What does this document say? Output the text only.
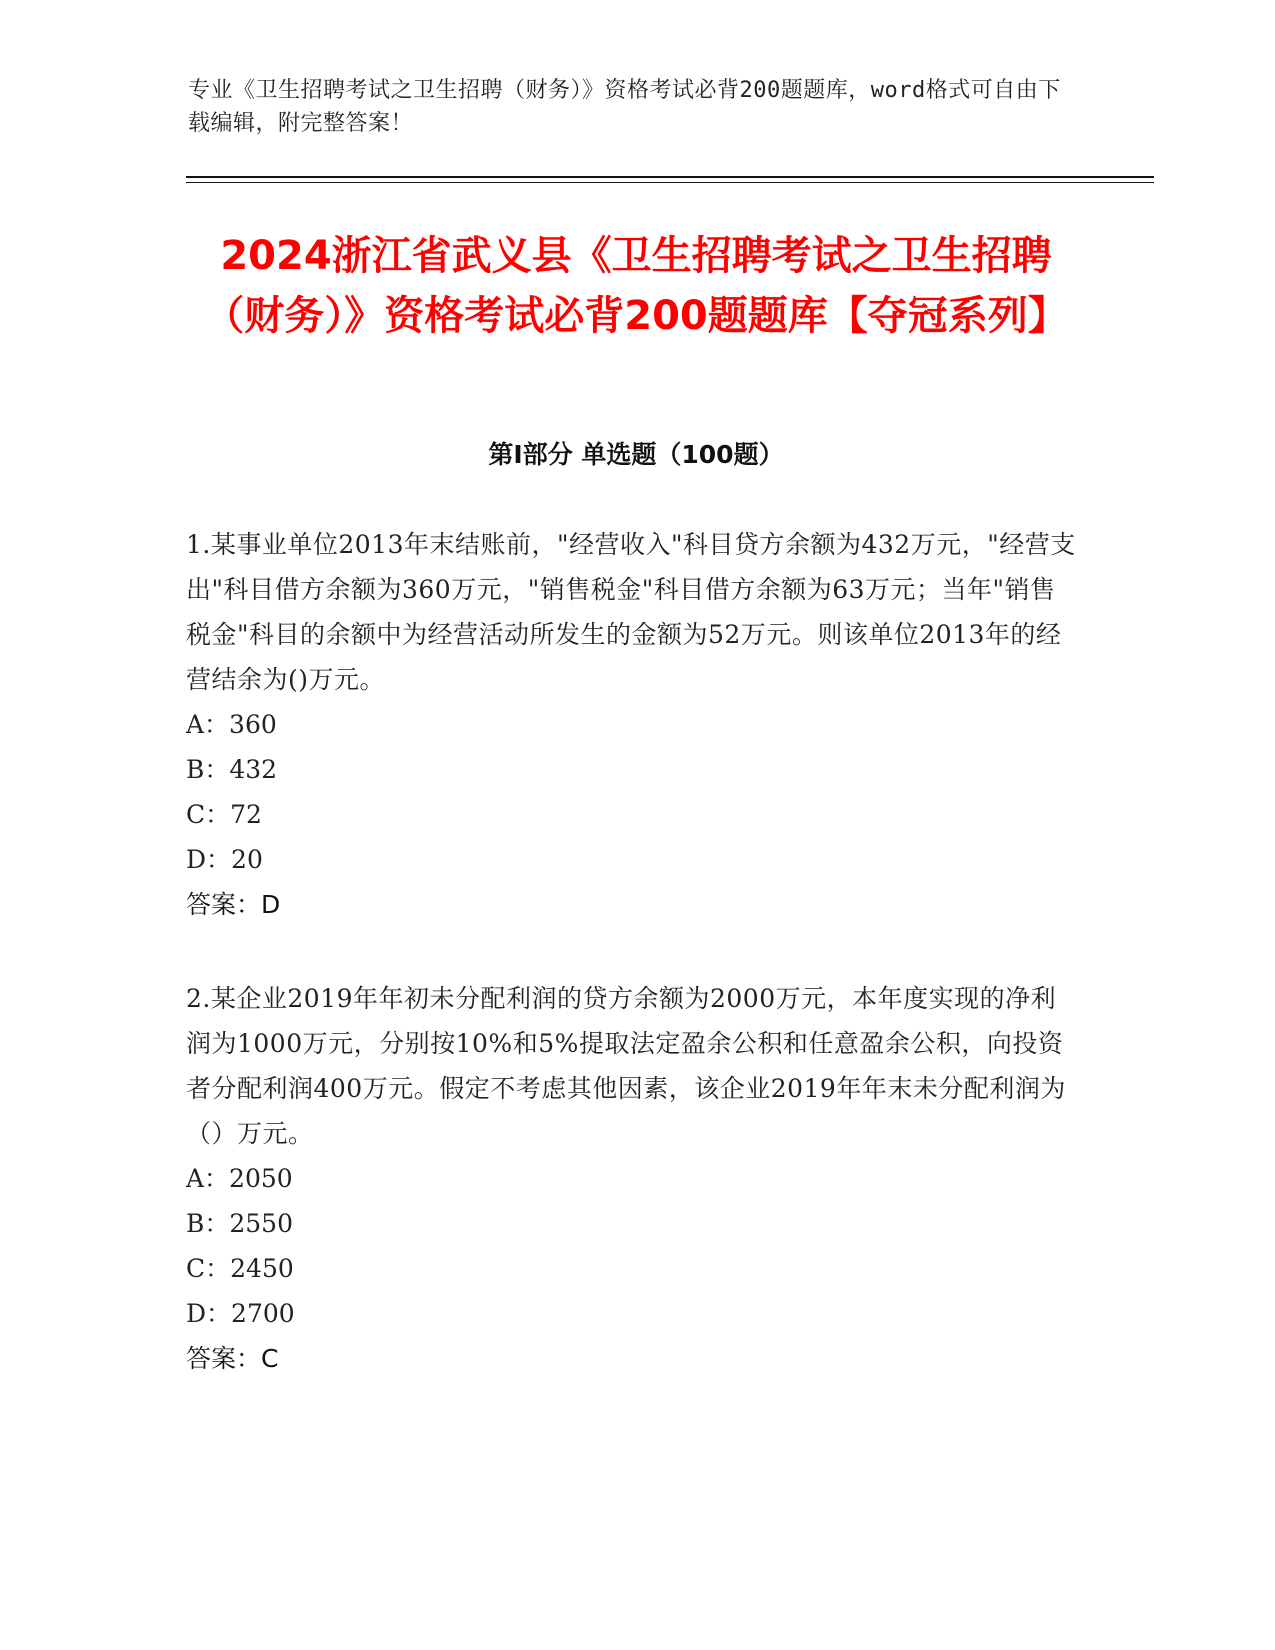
专业《卫生招聘考试之卫生招聘（财务）》资格考试必背200题题库，word格式可自由下载编辑，附完整答案！
2024浙江省武义县《卫生招聘考试之卫生招聘（财务）》资格考试必背200题题库【夺冠系列】
第I部分 单选题（100题）
1.某事业单位2013年末结账前，"经营收入"科目贷方余额为432万元，"经营支出"科目借方余额为360万元，"销售税金"科目借方余额为63万元；当年"销售税金"科目的余额中为经营活动所发生的金额为52万元。则该单位2013年的经营结余为()万元。
A：360
B：432
C：72
D：20
答案：D
2.某企业2019年年初未分配利润的贷方余额为2000万元，本年度实现的净利润为1000万元，分别按10%和5%提取法定盈余公积和任意盈余公积，向投资者分配利润400万元。假定不考虑其他因素，该企业2019年年末未分配利润为（）万元。
A：2050
B：2550
C：2450
D：2700
答案：C
